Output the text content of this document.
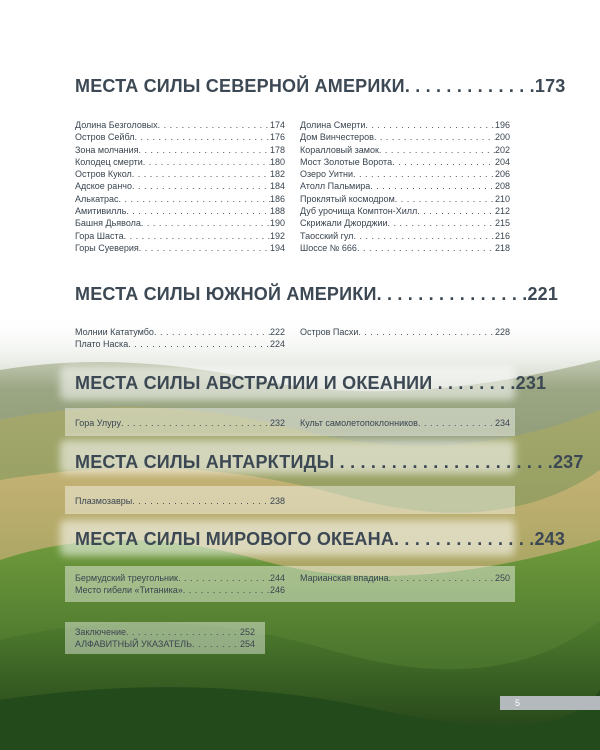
МЕСТА СИЛЫ СЕВЕРНОЙ АМЕРИКИ. . . . . . . . . . . . .173
Долина Безголовых . . .	174
Остров Сейбл . . .	176
Зона молчания . . .	178
Колодец смерти . . .	180
Остров Кукол . . .	182
Адское ранчо . . .	184
Алькатрас . . .	186
Амитивилль . . .	188
Башня Дьявола . . .	190
Гора Шаста . . .	192
Горы Суеверия . . .	194
Долина Смерти . . .	196
Дом Винчестеров . . .	200
Коралловый замок . . .	202
Мост Золотые Ворота . . .	204
Озеро Уитни . . .	206
Атолл Пальмира . . .	208
Проклятый космодром . . .	210
Дуб урочища Комптон-Хилл . . .	212
Скрижали Джорджии . . .	215
Таосский гул . . .	216
Шоссе № 666 . . .	218
МЕСТА СИЛЫ ЮЖНОЙ АМЕРИКИ. . . . . . . . . . . . . . .221
Молнии Кататумбо . . .	222
Плато Наска . . .	224
Остров Пасхи . . .	228
МЕСТА СИЛЫ АВСТРАЛИИ И ОКЕАНИИ . . . . . . . .231
Гора Улуру . . .	232 Культ самолетопоклонников . . .	234
МЕСТА СИЛЫ АНТАРКТИДЫ . . . . . . . . . . . . . . . . . . . . .237
Плазмозавры . . .	238
МЕСТА СИЛЫ МИРОВОГО ОКЕАНА. . . . . . . . . . . . . .243
Бермудский треугольник . . .	244
Место гибели «Титаника» . . .	246
Марианская впадина . . .	250
Заключение . . .	252
АЛФАВИТНЫЙ УКАЗАТЕЛЬ . . .	254
5
